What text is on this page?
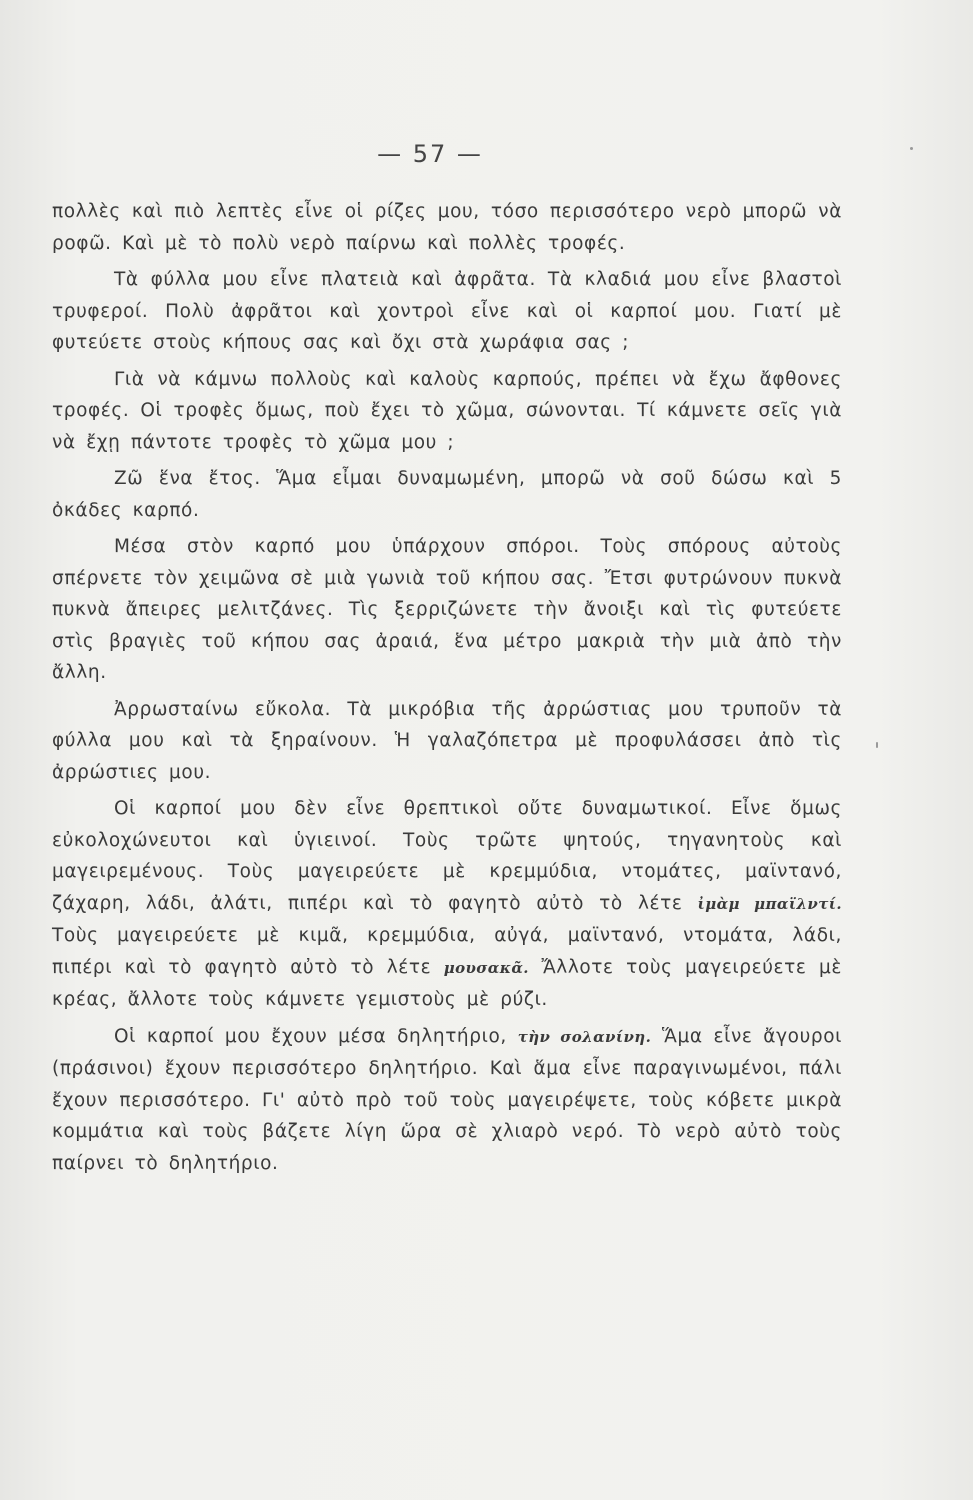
— 57 —

πολλὲς καὶ πιὸ λεπτὲς εἶνε οἱ ρίζες μου, τόσο περισσότερο νερὸ μπορῶ νὰ ροφῶ. Καὶ μὲ τὸ πολὺ νερὸ παίρνω καὶ πολλὲς τροφές.

Τὰ φύλλα μου εἶνε πλατειὰ καὶ ἀφρᾶτα. Τὰ κλαδιά μου εἶνε βλαστοὶ τρυφεροί. Πολὺ ἀφρᾶτοι καὶ χοντροὶ εἶνε καὶ οἱ καρποί μου. Γιατί μὲ φυτεύετε στοὺς κήπους σας καὶ ὄχι στὰ χωράφια σας ;

Γιὰ νὰ κάμνω πολλοὺς καὶ καλοὺς καρπούς, πρέπει νὰ ἔχω ἄφθονες τροφές. Οἱ τροφὲς ὅμως, ποὺ ἔχει τὸ χῶμα, σώνονται. Τί κάμνετε σεῖς γιὰ νὰ ἔχῃ πάντοτε τροφὲς τὸ χῶμα μου ;

Ζῶ ἕνα ἔτος. Ἅμα εἶμαι δυναμωμένη, μπορῶ νὰ σοῦ δώσω καὶ 5 ὀκάδες καρπό.

Μέσα στὸν καρπό μου ὑπάρχουν σπόροι. Τοὺς σπόρους αὐτοὺς σπέρνετε τὸν χειμῶνα σὲ μιὰ γωνιὰ τοῦ κήπου σας. Ἔτσι φυτρώνουν πυκνὰ πυκνὰ ἄπειρες μελιτζάνες. Τὶς ξερριζώνετε τὴν ἄνοιξι καὶ τὶς φυτεύετε στὶς βραγιὲς τοῦ κήπου σας ἀραιά, ἕνα μέτρο μακριὰ τὴν μιὰ ἀπὸ τὴν ἄλλη.

Ἀρρωσταίνω εὔκολα. Τὰ μικρόβια τῆς ἀρρώστιας μου τρυποῦν τὰ φύλλα μου καὶ τὰ ξηραίνουν. Ἡ γαλαζόπετρα μὲ προφυλάσσει ἀπὸ τὶς ἀρρώστιες μου.

Οἱ καρποί μου δὲν εἶνε θρεπτικοὶ οὔτε δυναμωτικοί. Εἶνε ὅμως εὐκολοχώνευτοι καὶ ὑγιεινοί. Τοὺς τρῶτε ψητούς, τηγανητοὺς καὶ μαγειρεμένους. Τοὺς μαγειρεύετε μὲ κρεμμύδια, ντομάτες, μαϊντανό, ζάχαρη, λάδι, ἀλάτι, πιπέρι καὶ τὸ φαγητὸ αὐτὸ τὸ λέτε ἰμὰμ μπαϊλντί. Τοὺς μαγειρεύετε μὲ κιμᾶ, κρεμμύδια, αὐγά, μαϊντανό, ντομάτα, λάδι, πιπέρι καὶ τὸ φαγητὸ αὐτὸ τὸ λέτε μουσακᾶ. Ἄλλοτε τοὺς μαγειρεύετε μὲ κρέας, ἄλλοτε τοὺς κάμνετε γεμιστοὺς μὲ ρύζι.

Οἱ καρποί μου ἔχουν μέσα δηλητήριο, τὴν σολανίνη. Ἅμα εἶνε ἄγουροι (πράσινοι) ἔχουν περισσότερο δηλητήριο. Καὶ ἅμα εἶνε παραγινωμένοι, πάλι ἔχουν περισσότερο. Γι' αὐτὸ πρὸ τοῦ τοὺς μαγειρέψετε, τοὺς κόβετε μικρὰ κομμάτια καὶ τοὺς βάζετε λίγη ὥρα σὲ χλιαρὸ νερό. Τὸ νερὸ αὐτὸ τοὺς παίρνει τὸ δηλητήριο.
